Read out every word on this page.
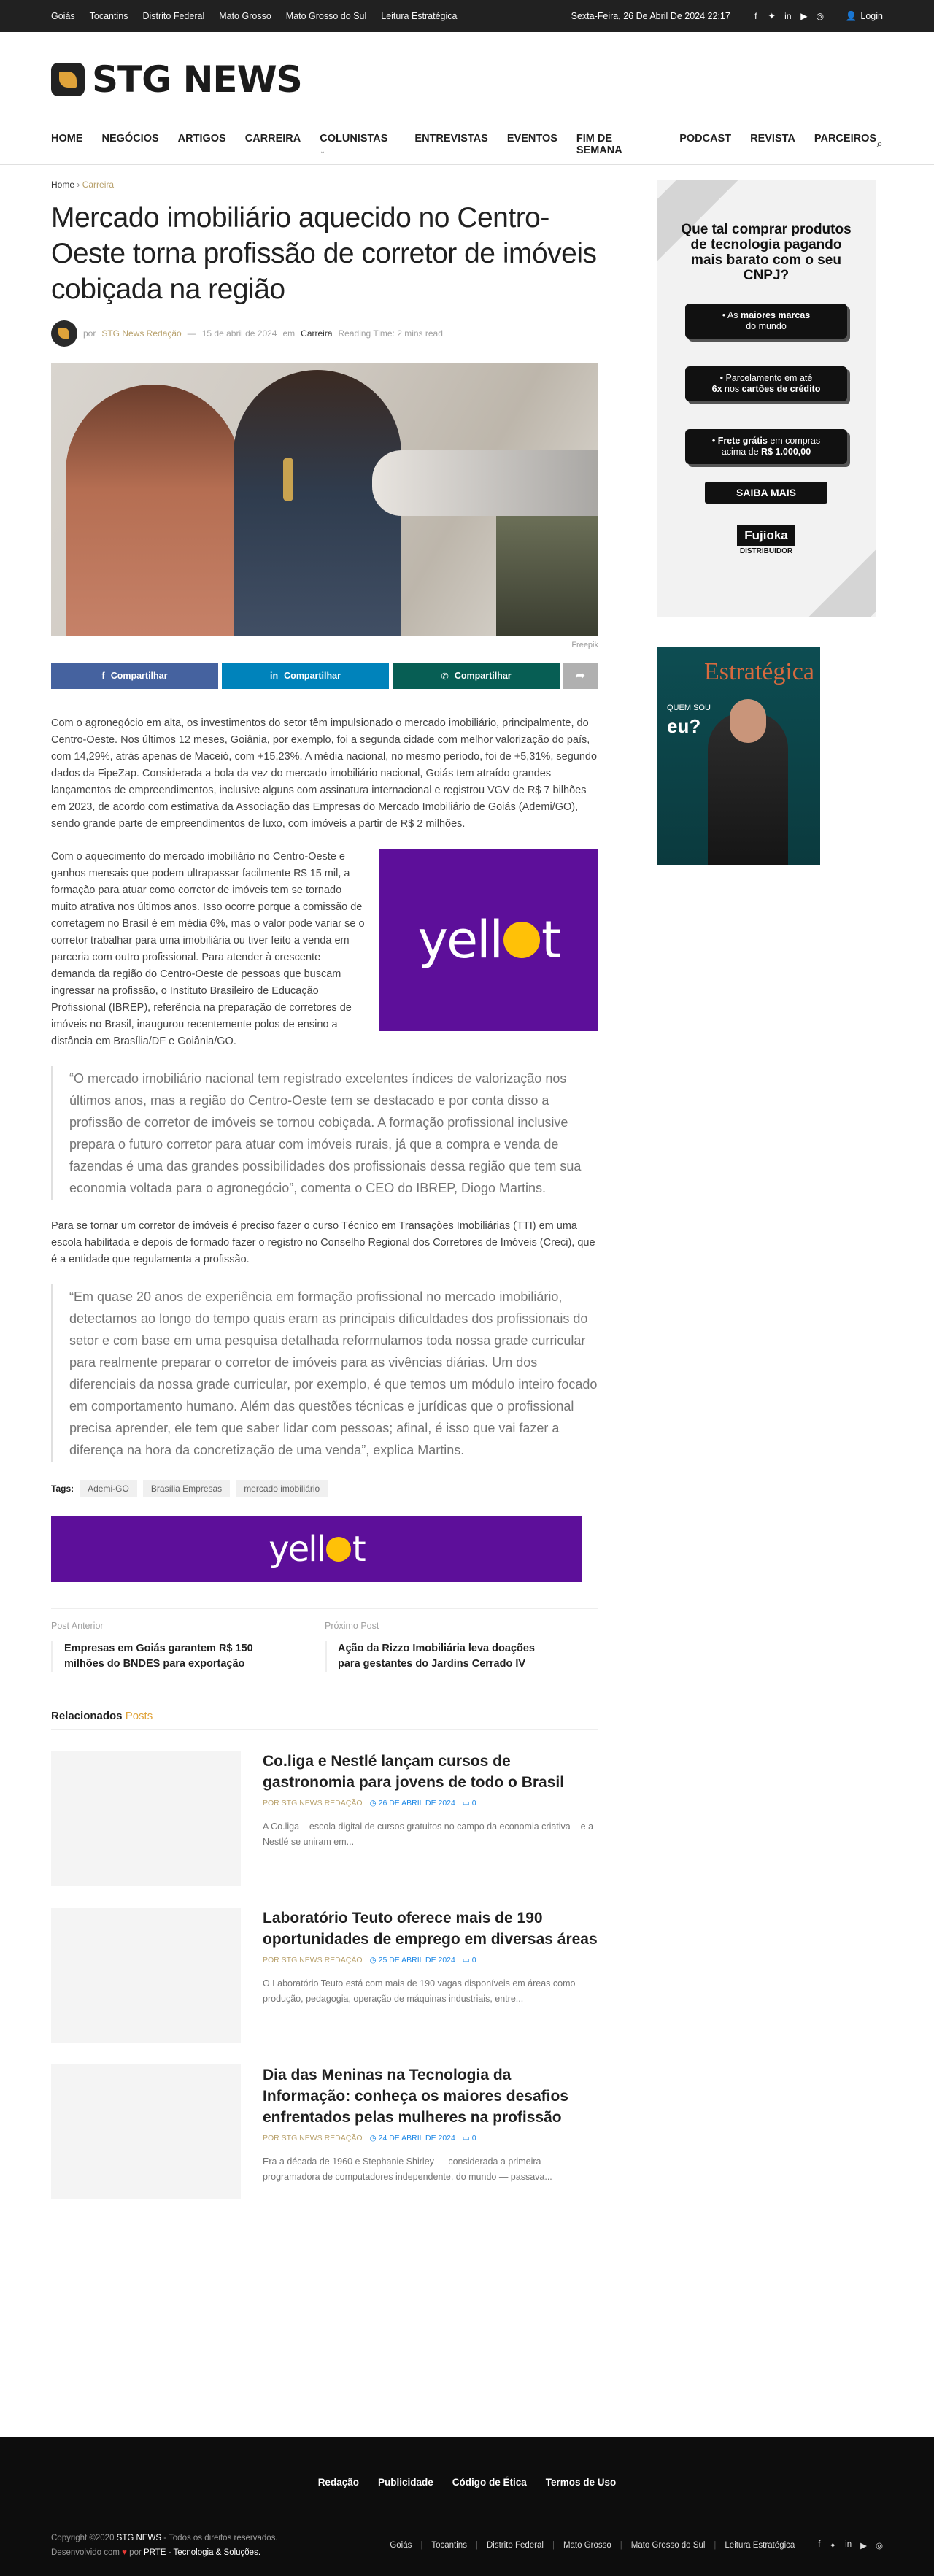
Goiás Tocantins Distrito Federal Mato Grosso Mato Grosso do Sul Leitura Estratégica	Sexta-Feira, 26 De Abril De 2024 22:17	f	✦ in ▶ ◎ 👤 Login
STG NEWS
HOME NEGÓCIOS ARTIGOS CARREIRA COLUNISTAS ⌄
ENTREVISTAS EVENTOS FIM DE SEMANA
PODCAST REVISTA PARCEIROS ⌕
Home › Carreira
Mercado imobiliário aquecido no Centro-Oeste torna profissão de corretor de imóveis cobiçada na região
por STG News Redação — 15 de abril de 2024 em Carreira Reading Time: 2 mins read
Freepik
f Compartilhar	in Compartilhar	✆ Compartilhar	➦

Com o agronegócio em alta, os investimentos do setor têm impulsionado o mercado imobiliário, principalmente, do Centro-Oeste. Nos últimos 12 meses, Goiânia, por exemplo, foi a segunda cidade com melhor valorização do país, com 14,29%, atrás apenas de Maceió, com +15,23%. A média nacional, no mesmo período, foi de +5,31%, segundo dados da FipeZap. Considerada a bola da vez do mercado imobiliário nacional, Goiás tem atraído grandes lançamentos de empreendimentos, inclusive alguns com assinatura internacional e registrou VGV de R$ 7 bilhões em 2023, de acordo com estimativa da Associação das Empresas do Mercado Imobiliário de Goiás (Ademi/GO), sendo grande parte de empreendimentos de luxo, com imóveis a partir de R$ 2 milhões.

yell t

Com o aquecimento do mercado imobiliário no Centro-Oeste e ganhos mensais que podem ultrapassar facilmente R$ 15 mil, a formação para atuar como corretor de imóveis tem se tornado muito atrativa nos últimos anos. Isso ocorre porque a comissão de corretagem no Brasil é em média 6%, mas o valor pode variar se o corretor trabalhar para uma imobiliária ou tiver feito a venda em parceria com outro profissional. Para atender à crescente demanda da região do Centro-Oeste de pessoas que buscam ingressar na profissão, o Instituto Brasileiro de Educação Profissional (IBREP), referência na preparação de corretores de imóveis no Brasil, inaugurou recentemente polos de ensino a distância em Brasília/DF e Goiânia/GO.

“O mercado imobiliário nacional tem registrado excelentes índices de valorização nos últimos anos, mas a região do Centro-Oeste tem se destacado e por conta disso a profissão de corretor de imóveis se tornou cobiçada. A formação profissional inclusive prepara o futuro corretor para atuar com imóveis rurais, já que a compra e venda de fazendas é uma das grandes possibilidades dos profissionais dessa região que tem sua economia voltada para o agronegócio”, comenta o CEO do IBREP, Diogo Martins.

Para se tornar um corretor de imóveis é preciso fazer o curso Técnico em Transações Imobiliárias (TTI) em uma escola habilitada e depois de formado fazer o registro no Conselho Regional dos Corretores de Imóveis (Creci), que é a entidade que regulamenta a profissão.

“Em quase 20 anos de experiência em formação profissional no mercado imobiliário, detectamos ao longo do tempo quais eram as principais dificuldades dos profissionais do setor e com base em uma pesquisa detalhada reformulamos toda nossa grade curricular para realmente preparar o corretor de imóveis para as vivências diárias. Um dos diferenciais da nossa grade curricular, por exemplo, é que temos um módulo inteiro focado em comportamento humano. Além das questões técnicas e jurídicas que o profissional precisa aprender, ele tem que saber lidar com pessoas; afinal, é isso que vai fazer a diferença na hora da concretização de uma venda”, explica Martins.
Tags:	Ademi-GO	Brasília Empresas	mercado imobiliário
yell t
Post Anterior
Empresas em Goiás garantem R$ 150 milhões do BNDES para exportação
Próximo Post
Ação da Rizzo Imobiliária leva doações para gestantes do Jardins Cerrado IV
Relacionados Posts
Co.liga e Nestlé lançam cursos de gastronomia para jovens de todo o Brasil
POR STG NEWS REDAÇÃO ◷ 26 DE ABRIL DE 2024 ▭ 0
A Co.liga – escola digital de cursos gratuitos no campo da economia criativa – e a Nestlé se uniram em...
Laboratório Teuto oferece mais de 190 oportunidades de emprego em diversas áreas
POR STG NEWS REDAÇÃO ◷ 25 DE ABRIL DE 2024 ▭ 0
O Laboratório Teuto está com mais de 190 vagas disponíveis em áreas como produção, pedagogia, operação de máquinas industriais, entre...
Dia das Meninas na Tecnologia da Informação: conheça os maiores desafios enfrentados pelas mulheres na profissão
POR STG NEWS REDAÇÃO ◷ 24 DE ABRIL DE 2024 ▭ 0
Era a década de 1960 e Stephanie Shirley — considerada a primeira programadora de computadores independente, do mundo — passava...
Que tal comprar produtos de tecnologia pagando mais barato com o seu CNPJ?
• As maiores marcas
do mundo
• Parcelamento em até
6x nos cartões de crédito
• Frete grátis em compras
acima de R$ 1.000,00
SAIBA MAIS
Fujioka
DISTRIBUIDOR
Estratégica
QUEM SOU
eu?
Redação Publicidade Código de Ética Termos de Uso
Copyright ©2020 STG NEWS - Todos os direitos reservados.
Desenvolvido com ♥ por PRTE - Tecnologia & Soluções.
Goiás | Tocantins | Distrito Federal | Mato Grosso | Mato Grosso do Sul | Leitura Estratégica	f ✦ in ▶ ◎
